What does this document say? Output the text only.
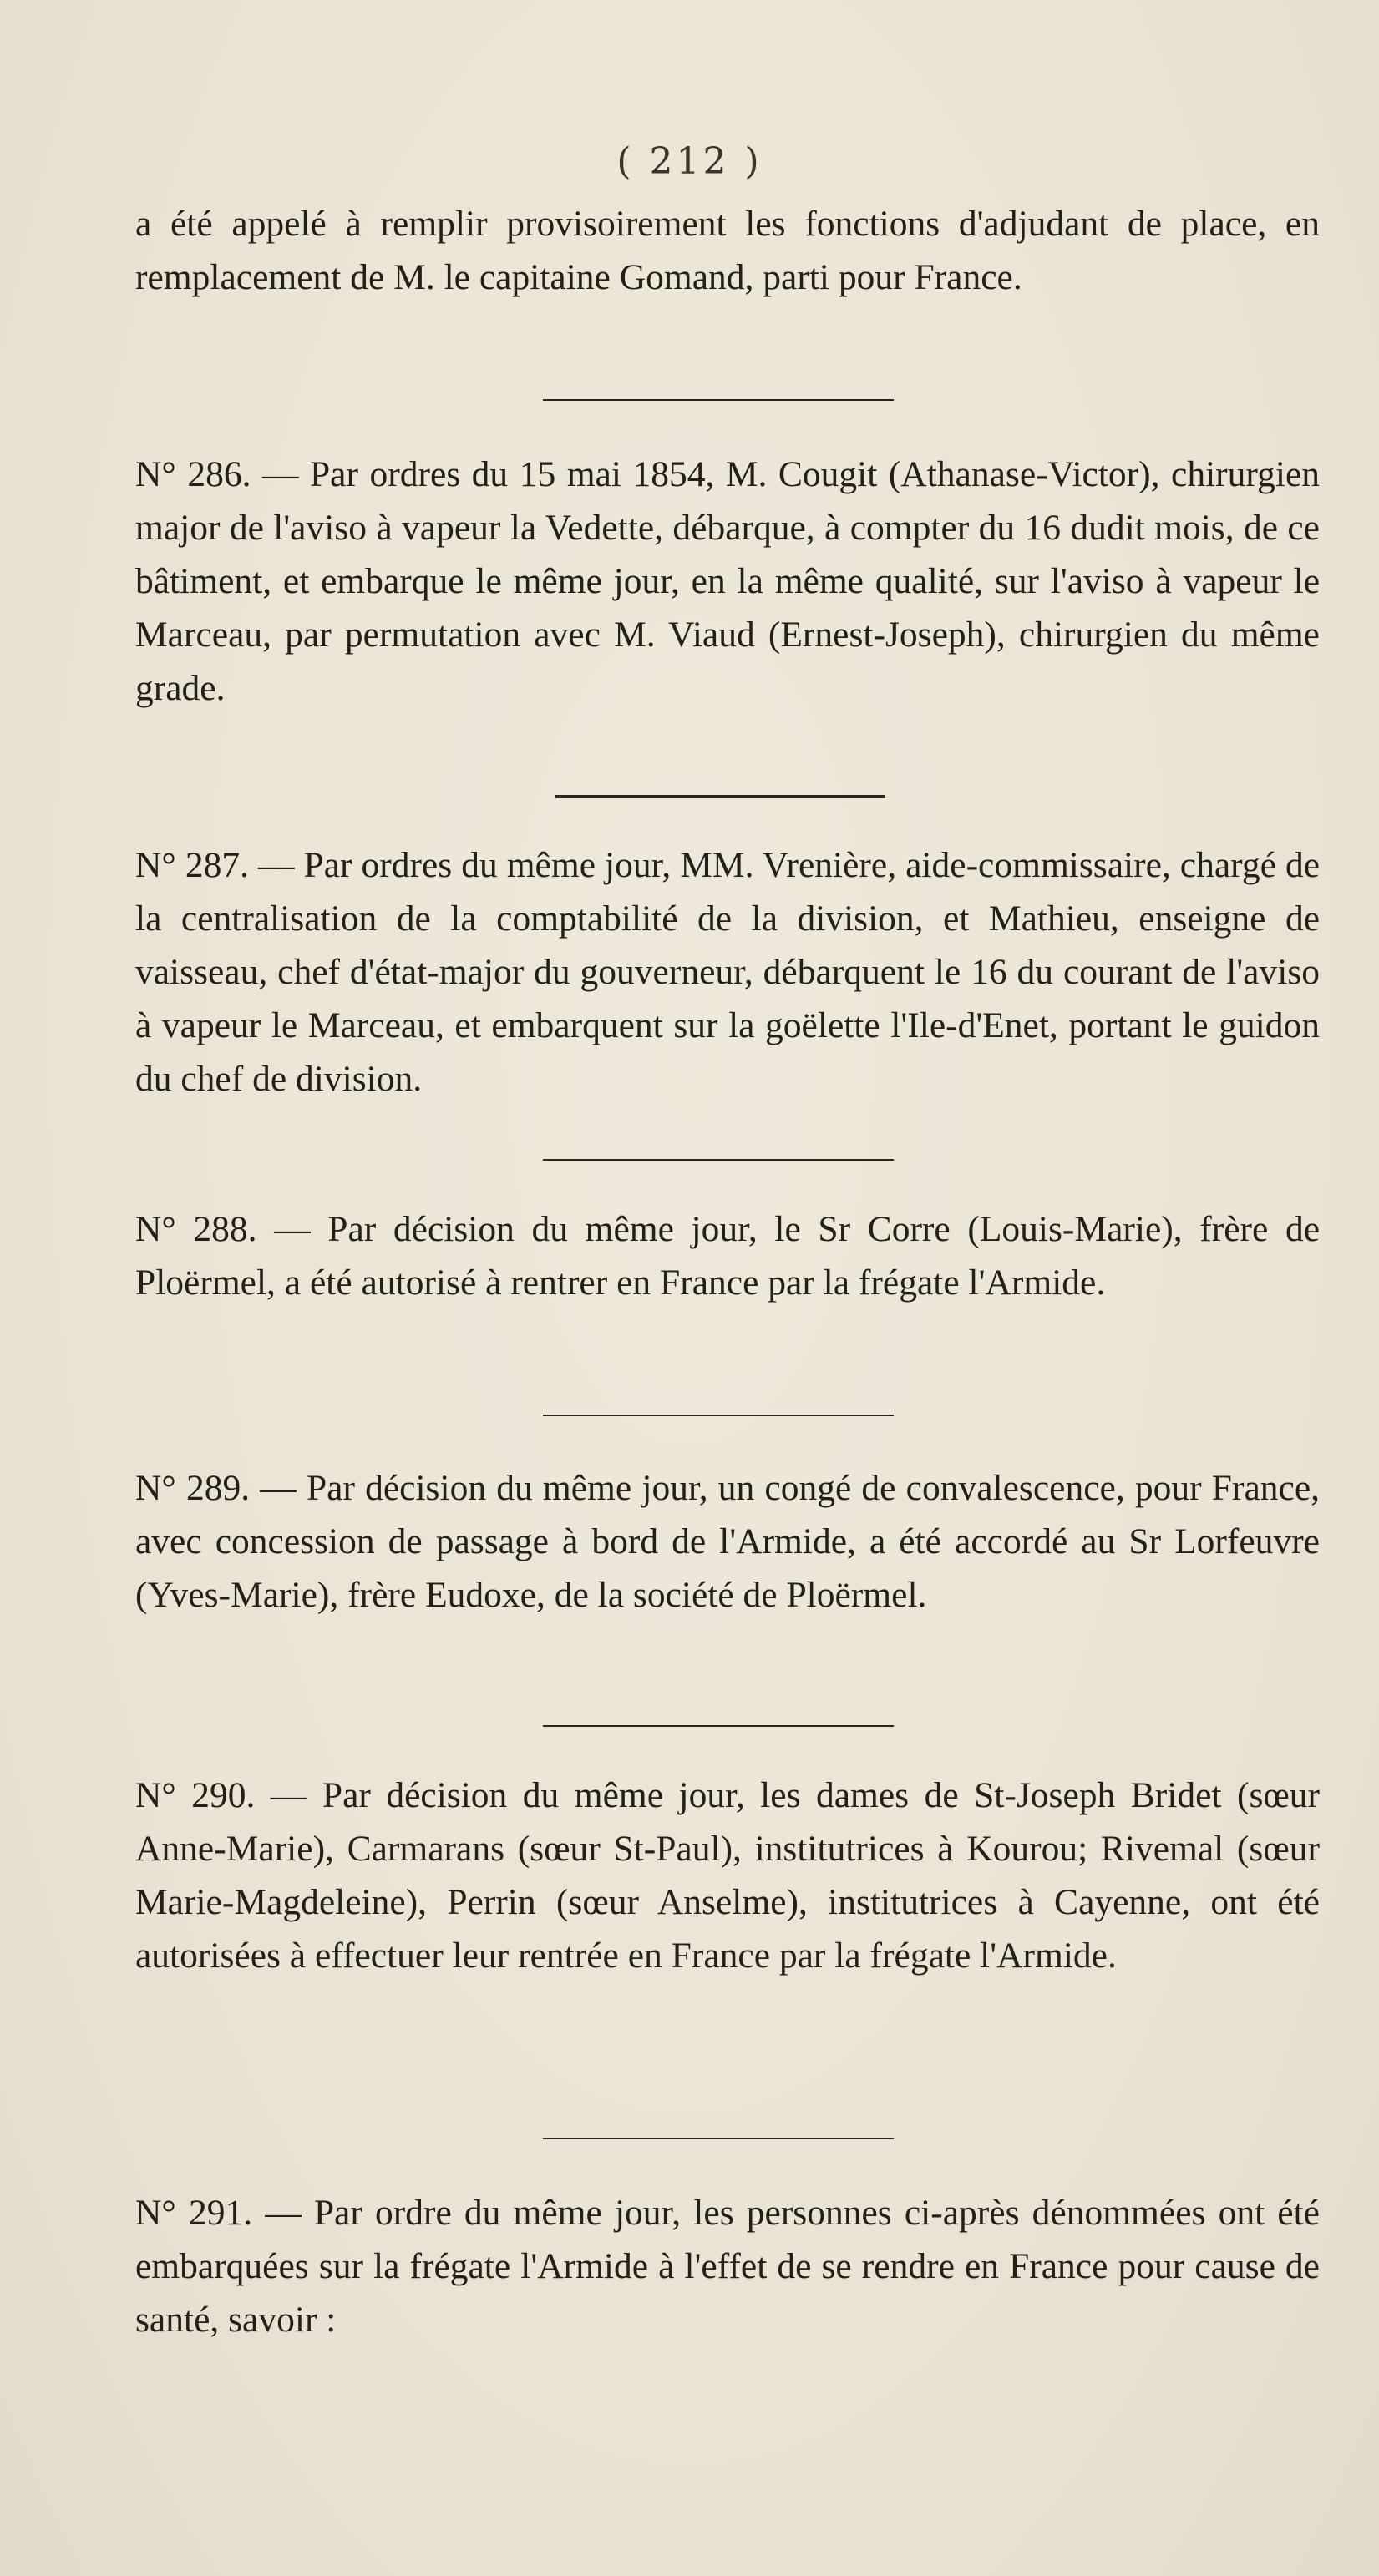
( 212 )
a été appelé à remplir provisoirement les fonctions d'adjudant de place, en remplacement de M. le capitaine Gomand, parti pour France.
N° 286. — Par ordres du 15 mai 1854, M. Cougit (Athanase-Victor), chirurgien major de l'aviso à vapeur la Vedette, débarque, à compter du 16 dudit mois, de ce bâtiment, et embarque le même jour, en la même qualité, sur l'aviso à vapeur le Marceau, par permutation avec M. Viaud (Ernest-Joseph), chirurgien du même grade.
N° 287. — Par ordres du même jour, MM. Vrenière, aide-commissaire, chargé de la centralisation de la comptabilité de la division, et Mathieu, enseigne de vaisseau, chef d'état-major du gouverneur, débarquent le 16 du courant de l'aviso à vapeur le Marceau, et embarquent sur la goëlette l'Ile-d'Enet, portant le guidon du chef de division.
N° 288. — Par décision du même jour, le Sr Corre (Louis-Marie), frère de Ploërmel, a été autorisé à rentrer en France par la frégate l'Armide.
N° 289. — Par décision du même jour, un congé de convalescence, pour France, avec concession de passage à bord de l'Armide, a été accordé au Sr Lorfeuvre (Yves-Marie), frère Eudoxe, de la société de Ploërmel.
N° 290. — Par décision du même jour, les dames de St-Joseph Bridet (sœur Anne-Marie), Carmarans (sœur St-Paul), institutrices à Kourou; Rivemal (sœur Marie-Magdeleine), Perrin (sœur Anselme), institutrices à Cayenne, ont été autorisées à effectuer leur rentrée en France par la frégate l'Armide.
N° 291. — Par ordre du même jour, les personnes ci-après dénommées ont été embarquées sur la frégate l'Armide à l'effet de se rendre en France pour cause de santé, savoir :
